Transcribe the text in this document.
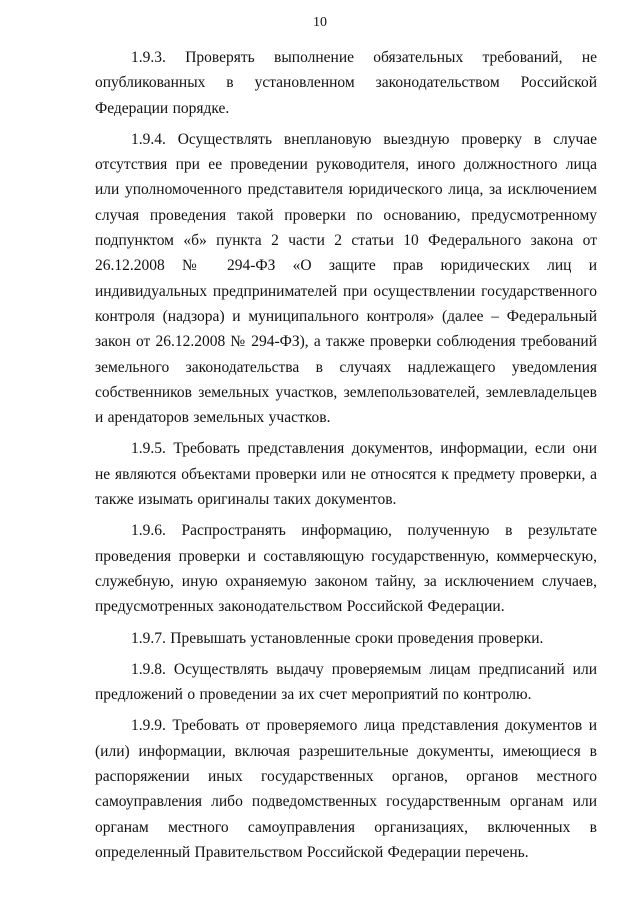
10

1.9.3. Проверять выполнение обязательных требований, не опубликованных в установленном законодательством Российской Федерации порядке.

1.9.4. Осуществлять внеплановую выездную проверку в случае отсутствия при ее проведении руководителя, иного должностного лица или уполномоченного представителя юридического лица, за исключением случая проведения такой проверки по основанию, предусмотренному подпунктом «б» пункта 2 части 2 статьи 10 Федерального закона от 26.12.2008 № 294-ФЗ «О защите прав юридических лиц и индивидуальных предпринимателей при осуществлении государственного контроля (надзора) и муниципального контроля» (далее – Федеральный закон от 26.12.2008 № 294-ФЗ), а также проверки соблюдения требований земельного законодательства в случаях надлежащего уведомления собственников земельных участков, землепользователей, землевладельцев и арендаторов земельных участков.

1.9.5. Требовать представления документов, информации, если они не являются объектами проверки или не относятся к предмету проверки, а также изымать оригиналы таких документов.

1.9.6. Распространять информацию, полученную в результате проведения проверки и составляющую государственную, коммерческую, служебную, иную охраняемую законом тайну, за исключением случаев, предусмотренных законодательством Российской Федерации.

1.9.7. Превышать установленные сроки проведения проверки.

1.9.8. Осуществлять выдачу проверяемым лицам предписаний или предложений о проведении за их счет мероприятий по контролю.

1.9.9. Требовать от проверяемого лица представления документов и (или) информации, включая разрешительные документы, имеющиеся в распоряжении иных государственных органов, органов местного самоуправления либо подведомственных государственным органам или органам местного самоуправления организациях, включенных в определенный Правительством Российской Федерации перечень.
